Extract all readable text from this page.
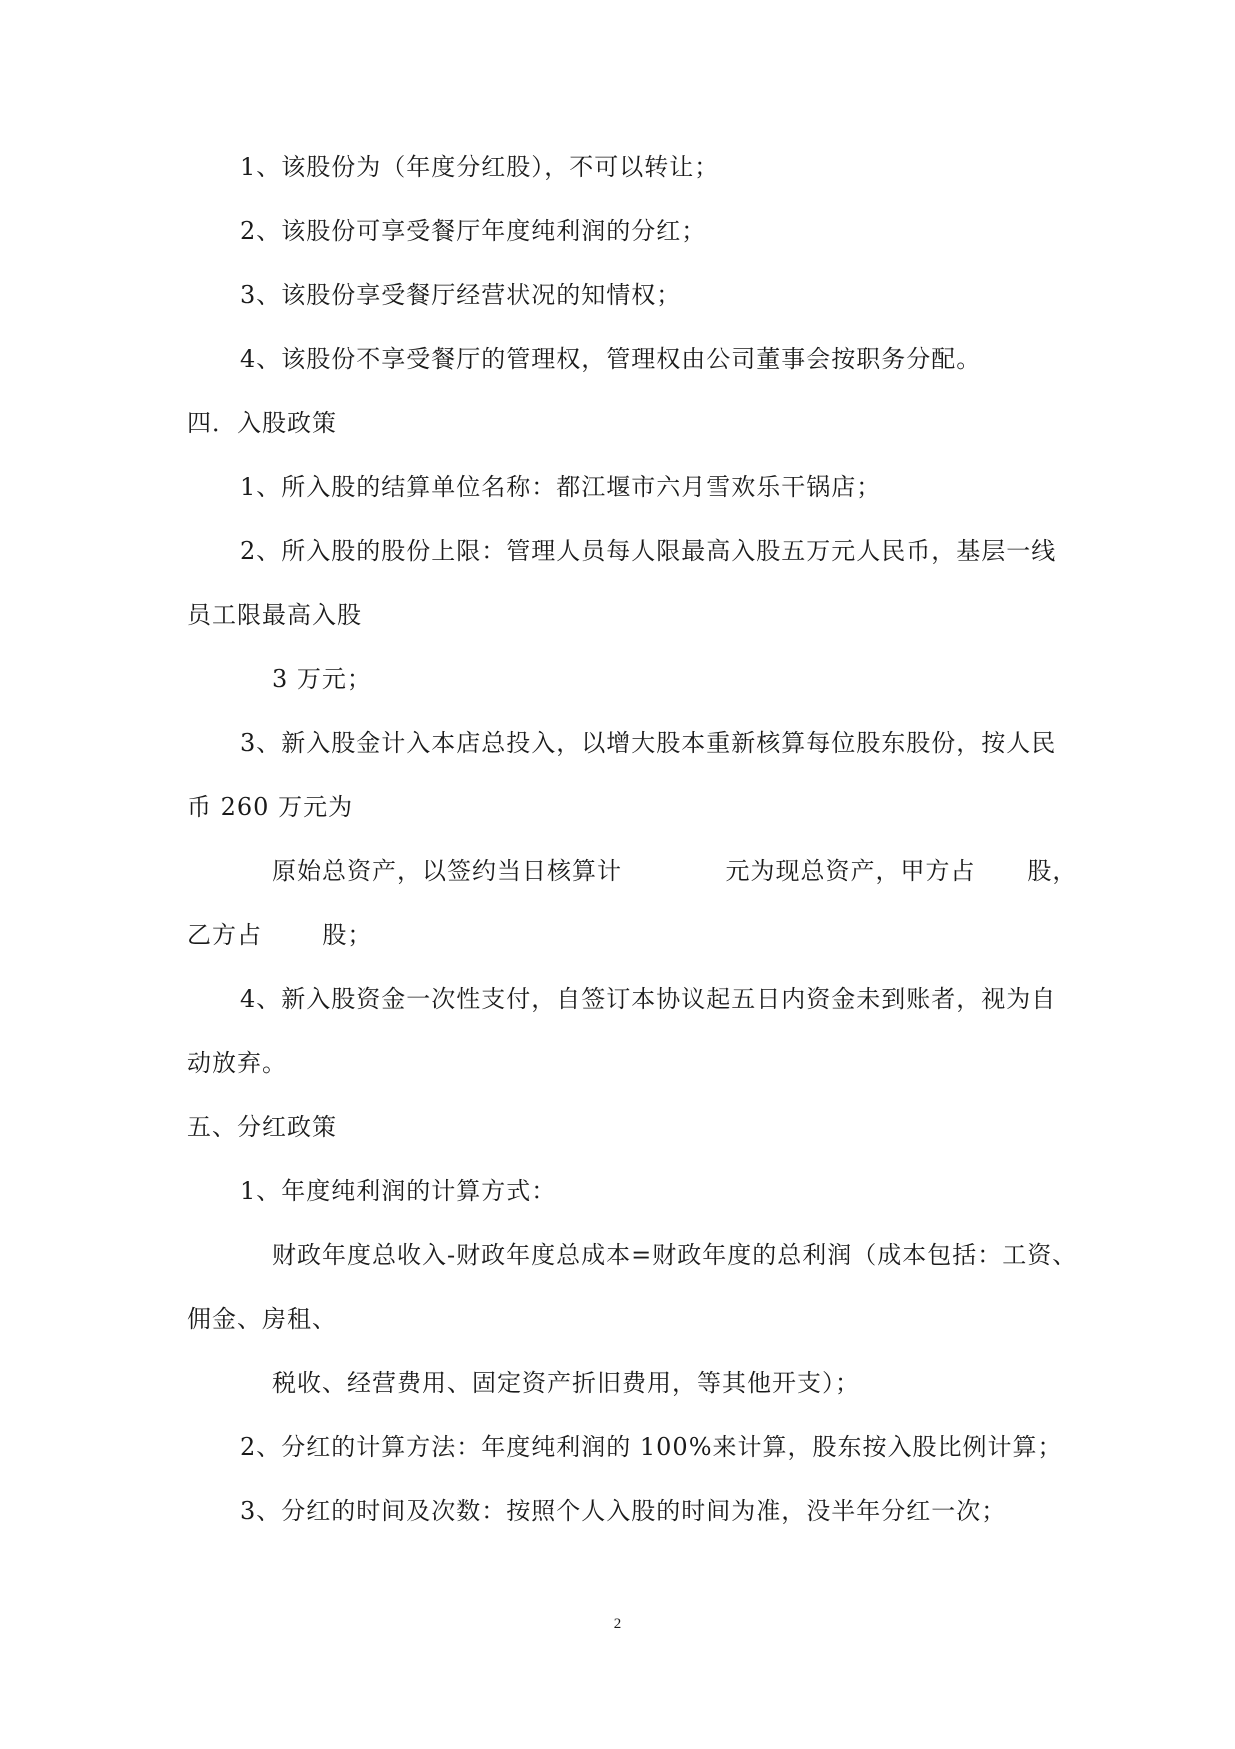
1、该股份为（年度分红股），不可以转让；
2、该股份可享受餐厅年度纯利润的分红；
3、该股份享受餐厅经营状况的知情权；
4、该股份不享受餐厅的管理权，管理权由公司董事会按职务分配。
四．入股政策
1、所入股的结算单位名称：都江堰市六月雪欢乐干锅店；
2、所入股的股份上限：管理人员每人限最高入股五万元人民币，基层一线
员工限最高入股
3 万元；
3、新入股金计入本店总投入，以增大股本重新核算每位股东股份，按人民
币 260 万元为
原始总资产，以签约当日核算计            元为现总资产，甲方占      股，
乙方占       股；
4、新入股资金一次性支付，自签订本协议起五日内资金未到账者，视为自
动放弃。
五、分红政策
1、年度纯利润的计算方式：
财政年度总收入-财政年度总成本=财政年度的总利润（成本包括：工资、
佣金、房租、
税收、经营费用、固定资产折旧费用，等其他开支）；
2、分红的计算方法：年度纯利润的 100%来计算，股东按入股比例计算；
3、分红的时间及次数：按照个人入股的时间为准，没半年分红一次；
2
